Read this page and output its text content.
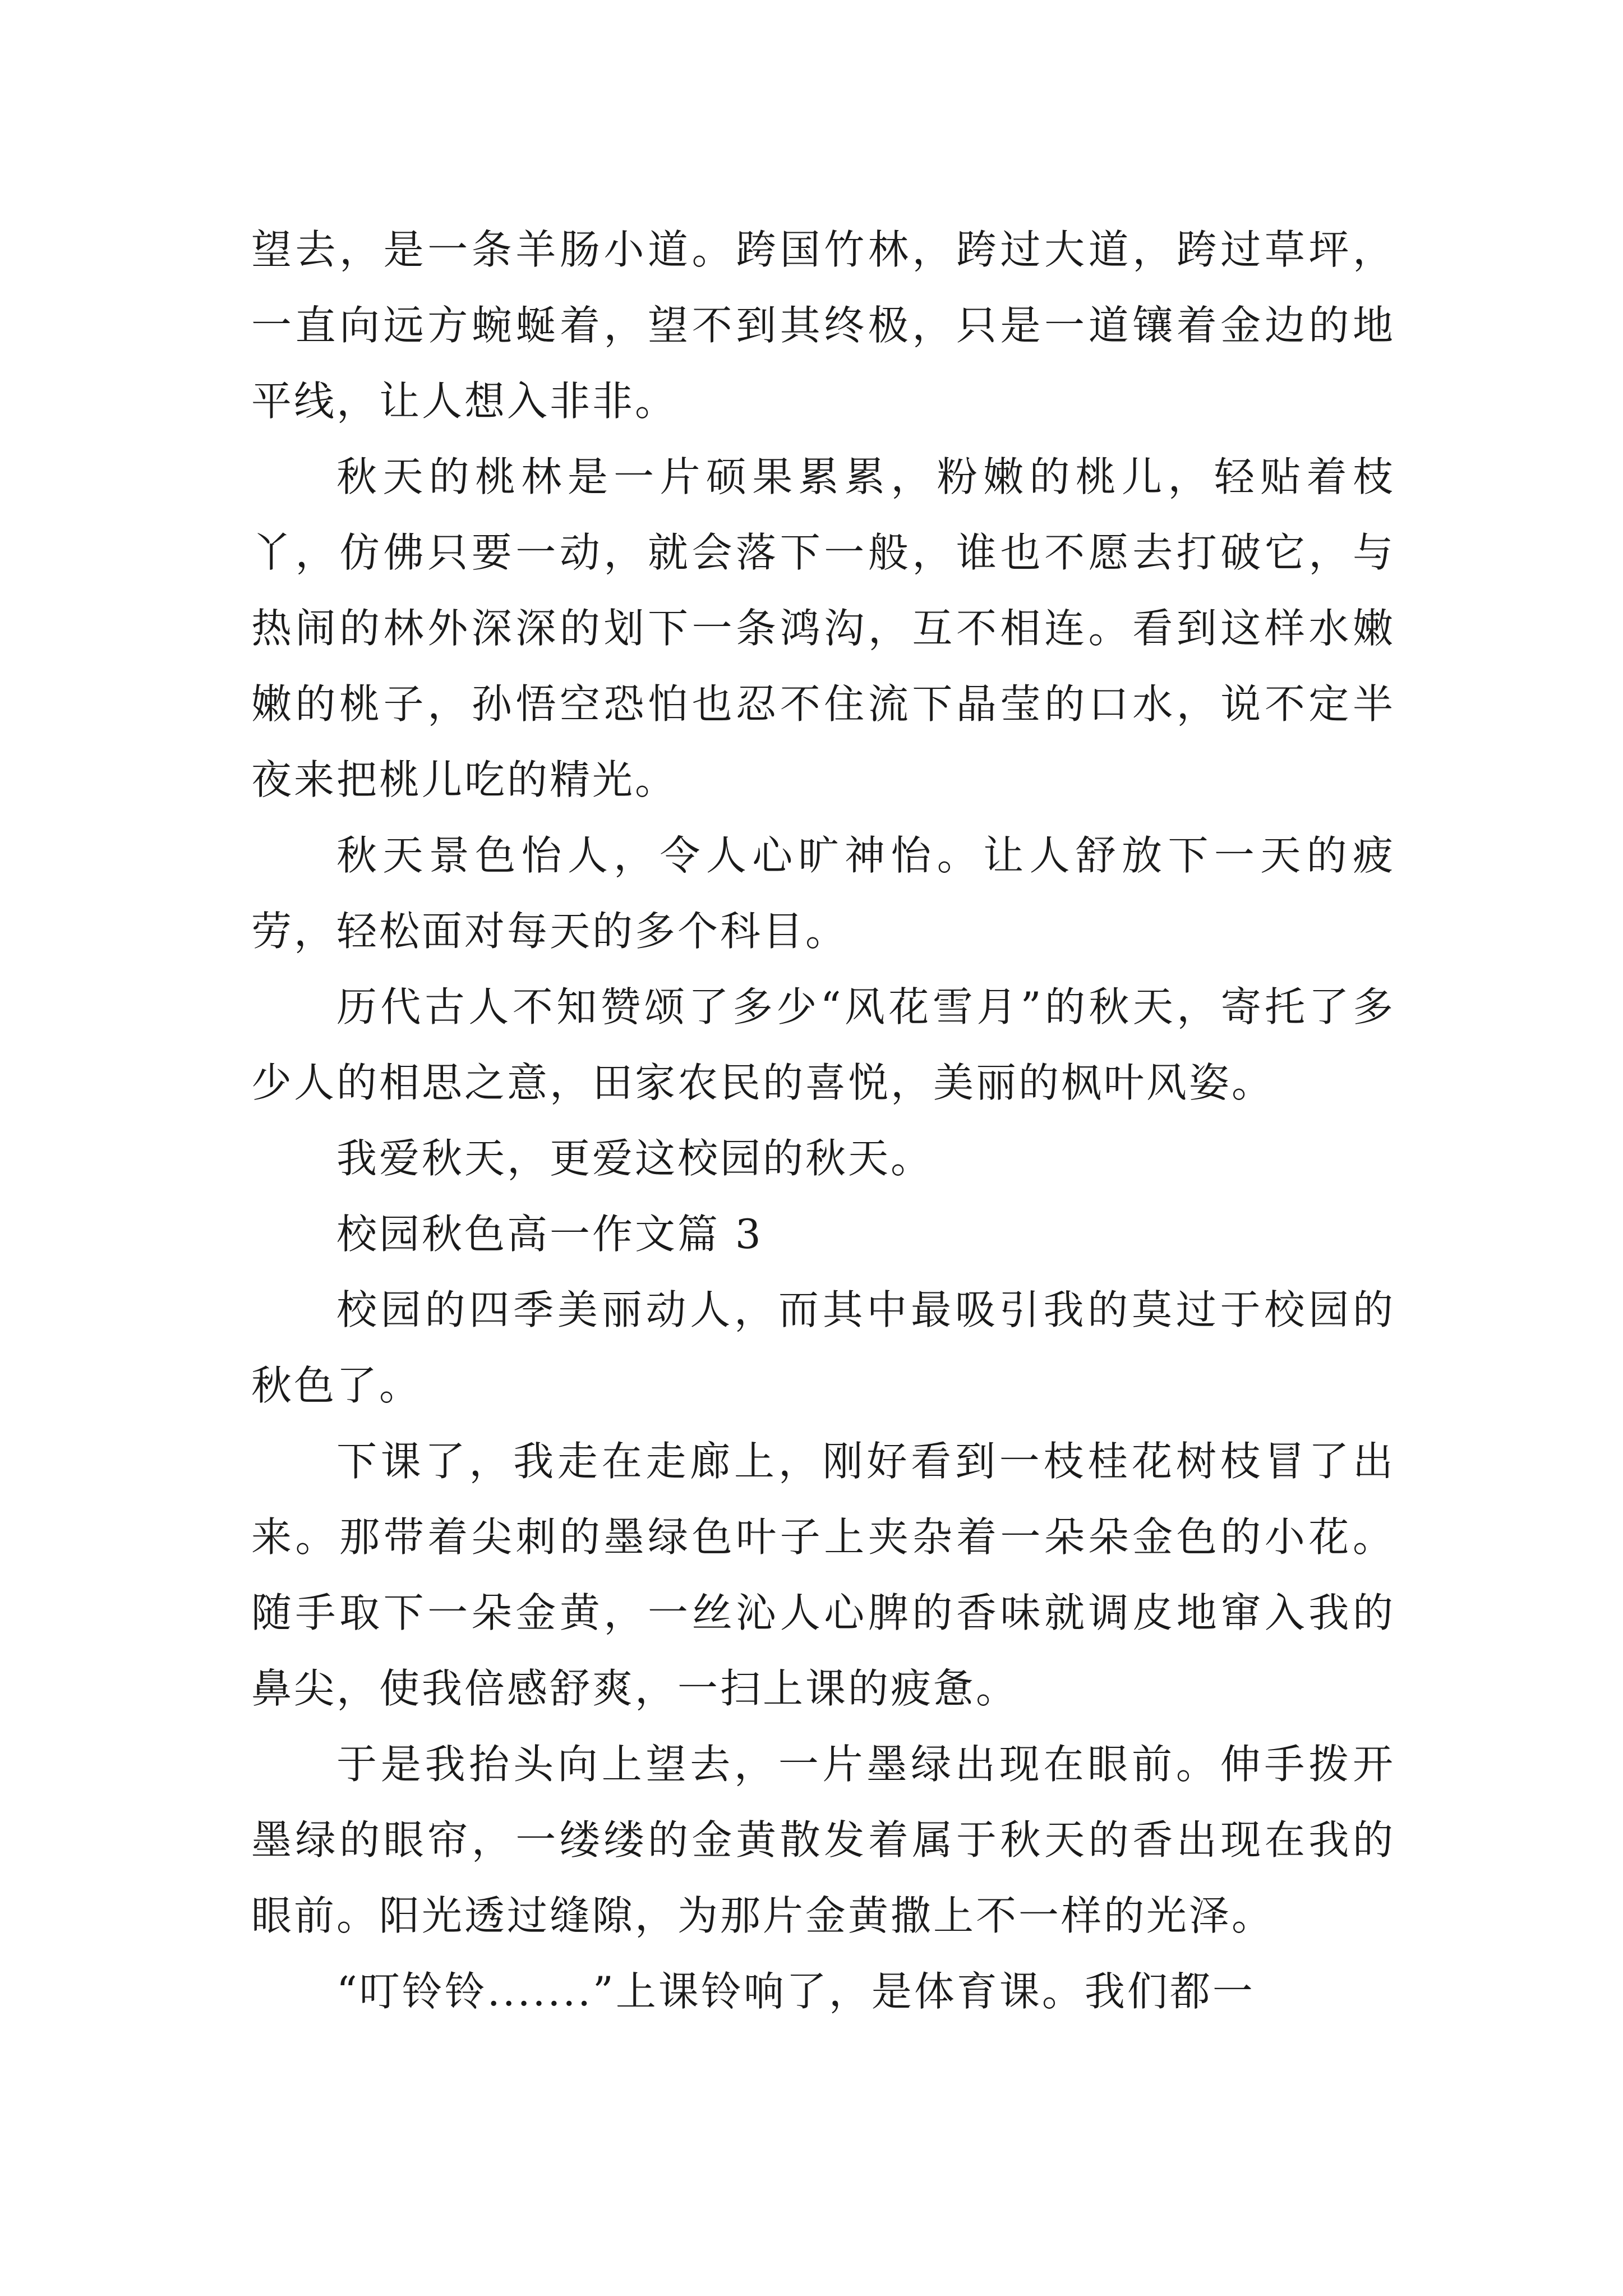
望去，是一条羊肠小道。跨国竹林，跨过大道，跨过草坪，一直向远方蜿蜒着，望不到其终极，只是一道镶着金边的地平线，让人想入非非。

秋天的桃林是一片硕果累累，粉嫩的桃儿，轻贴着枝丫，仿佛只要一动，就会落下一般，谁也不愿去打破它，与热闹的林外深深的划下一条鸿沟，互不相连。看到这样水嫩嫩的桃子，孙悟空恐怕也忍不住流下晶莹的口水，说不定半夜来把桃儿吃的精光。

秋天景色怡人，令人心旷神怡。让人舒放下一天的疲劳，轻松面对每天的多个科目。

历代古人不知赞颂了多少“风花雪月”的秋天，寄托了多少人的相思之意，田家农民的喜悦，美丽的枫叶风姿。

我爱秋天，更爱这校园的秋天。

校园秋色高一作文篇 3

校园的四季美丽动人，而其中最吸引我的莫过于校园的秋色了。

下课了，我走在走廊上，刚好看到一枝桂花树枝冒了出来。那带着尖刺的墨绿色叶子上夹杂着一朵朵金色的小花。随手取下一朵金黄，一丝沁人心脾的香味就调皮地窜入我的鼻尖，使我倍感舒爽，一扫上课的疲惫。

于是我抬头向上望去，一片墨绿出现在眼前。伸手拨开墨绿的眼帘，一缕缕的金黄散发着属于秋天的香出现在我的眼前。阳光透过缝隙，为那片金黄撒上不一样的光泽。

“叮铃铃.......”上课铃响了，是体育课。我们都一
